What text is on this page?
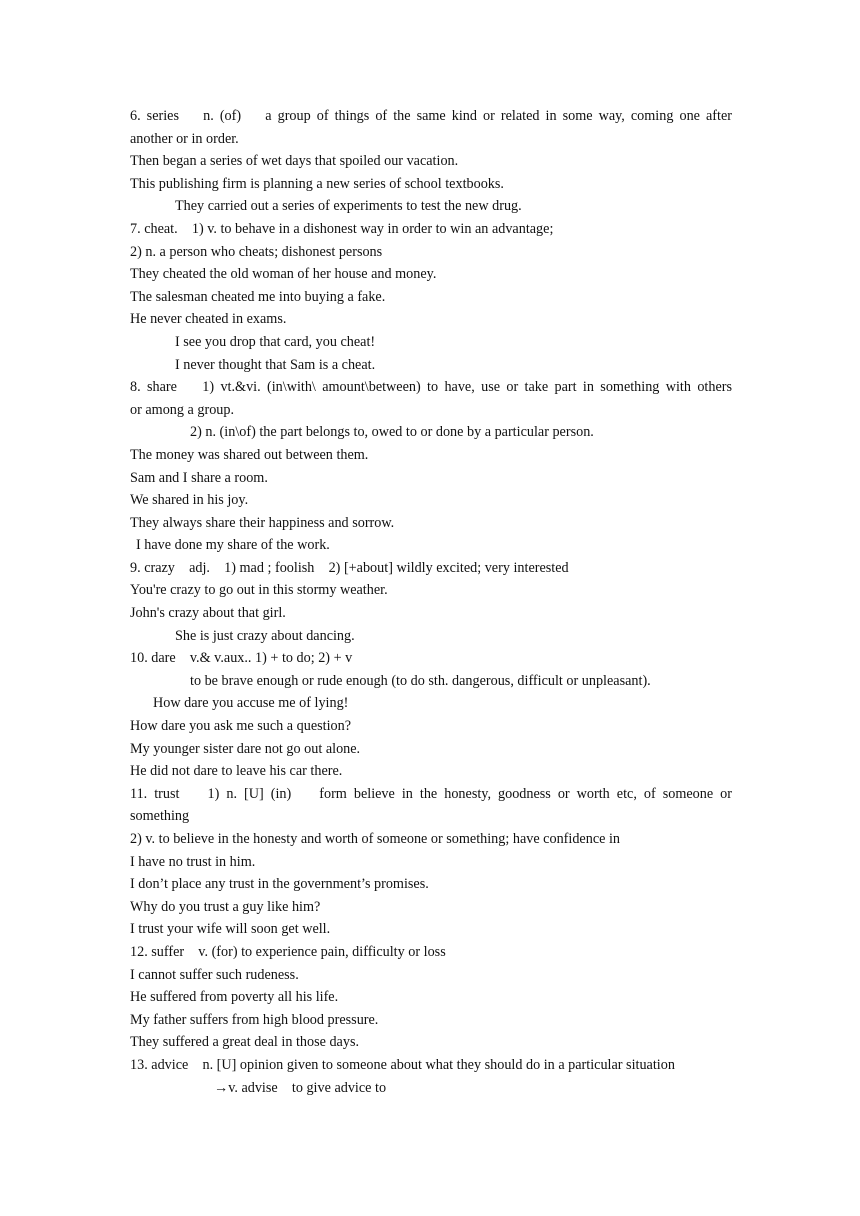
6. series    n. (of)    a group of things of the same kind or related in some way, coming one after
another or in order.
Then began a series of wet days that spoiled our vacation.
This publishing firm is planning a new series of school textbooks.
They carried out a series of experiments to test the new drug.
7. cheat.    1) v. to behave in a dishonest way in order to win an advantage;
2) n. a person who cheats; dishonest persons
They cheated the old woman of her house and money.
The salesman cheated me into buying a fake.
He never cheated in exams.
I see you drop that card, you cheat!
I never thought that Sam is a cheat.
8. share    1) vt.&vi. (in\with\ amount\between) to have, use or take part in something with others
or among a group.
2) n. (in\of) the part belongs to, owed to or done by a particular person.
The money was shared out between them.
Sam and I share a room.
We shared in his joy.
They always share their happiness and sorrow.
I have done my share of the work.
9. crazy    adj.    1) mad ; foolish    2) [+about] wildly excited; very interested
You're crazy to go out in this stormy weather.
John's crazy about that girl.
She is just crazy about dancing.
10. dare    v.& v.aux.. 1) + to do; 2) + v
to be brave enough or rude enough (to do sth. dangerous, difficult or unpleasant).
How dare you accuse me of lying!
How dare you ask me such a question?
My younger sister dare not go out alone.
He did not dare to leave his car there.
11. trust    1) n. [U] (in)    form believe in the honesty, goodness or worth etc, of someone or
something
2) v. to believe in the honesty and worth of someone or something; have confidence in
I have no trust in him.
I don’t place any trust in the government’s promises.
Why do you trust a guy like him?
I trust your wife will soon get well.
12. suffer    v. (for) to experience pain, difficulty or loss
I cannot suffer such rudeness.
He suffered from poverty all his life.
My father suffers from high blood pressure.
They suffered a great deal in those days.
13. advice    n. [U] opinion given to someone about what they should do in a particular situation
→v. advise    to give advice to
